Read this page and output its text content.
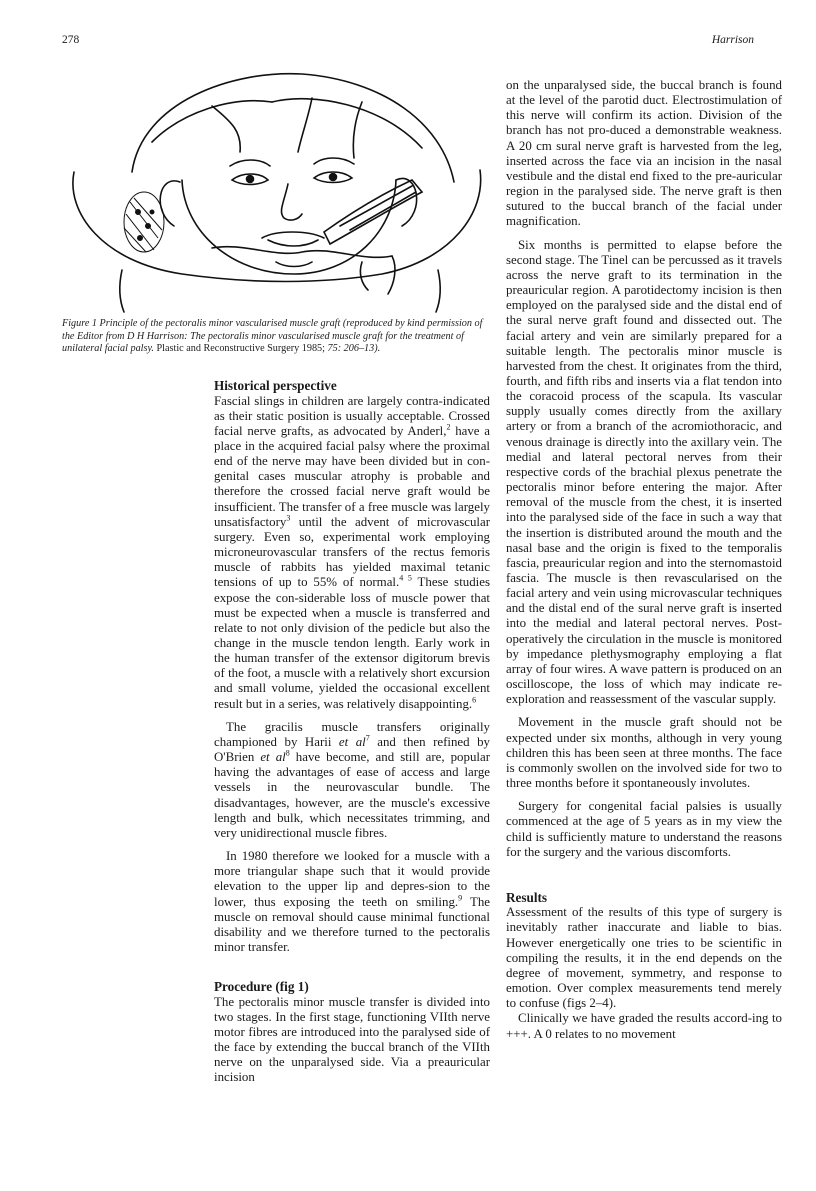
278	Harrison
Figure 1 Principle of the pectoralis minor vascularised muscle graft (reproduced by kind permission of the Editor from D H Harrison: The pectoralis minor vascularised muscle graft for the treatment of unilateral facial palsy. Plastic and Reconstructive Surgery 1985; 75: 206–13).
Historical perspective

Fascial slings in children are largely contra-indicated as their static position is usually acceptable. Crossed facial nerve grafts, as advocated by Anderl,$^2$ have a place in the acquired facial palsy where the proximal end of the nerve may have been divided but in con-genital cases muscular atrophy is probable and therefore the crossed facial nerve graft would be insufficient. The transfer of a free muscle was largely unsatisfactory$^3$ until the advent of microvascular surgery. Even so, experimental work employing microneurovascular transfers of the rectus femoris muscle of rabbits has yielded maximal tetanic tensions of up to 55% of normal.$^{4 5}$ These studies expose the con-siderable loss of muscle power that must be expected when a muscle is transferred and relate to not only division of the pedicle but also the change in the muscle tendon length. Early work in the human transfer of the extensor digitorum brevis of the foot, a muscle with a relatively short excursion and small volume, yielded the occasional excellent result but in a series, was relatively disappointing.$^6$

The gracilis muscle transfers originally championed by Harii et $al^7$ and then refined by O'Brien et $al^8$ have become, and still are, popular having the advantages of ease of access and large vessels in the neurovascular bundle. The disadvantages, however, are the muscle's excessive length and bulk, which necessitates trimming, and very unidirectional muscle fibres.

In 1980 therefore we looked for a muscle with a more triangular shape such that it would provide elevation to the upper lip and depres-sion to the lower, thus exposing the teeth on smiling.$^9$ The muscle on removal should cause minimal functional disability and we therefore turned to the pectoralis minor transfer.

Procedure (fig 1)

The pectoralis minor muscle transfer is divided into two stages. In the first stage, functioning VIIth nerve motor fibres are introduced into the paralysed side of the face by extending the buccal branch of the VIIth nerve on the unparalysed side. Via a preauricular incision

on the unparalysed side, the buccal branch is found at the level of the parotid duct. Electrostimulation of this nerve will confirm its action. Division of the branch has not pro-duced a demonstrable weakness. A 20 cm sural nerve graft is harvested from the leg, inserted across the face via an incision in the nasal vestibule and the distal end fixed to the pre-auricular region in the paralysed side. The nerve graft is then sutured to the buccal branch of the facial under magnification.

Six months is permitted to elapse before the second stage. The Tinel can be percussed as it travels across the nerve graft to its termination in the preauricular region. A parotidectomy incision is then employed on the paralysed side and the distal end of the sural nerve graft found and dissected out. The facial artery and vein are similarly prepared for a suitable length. The pectoralis minor muscle is harvested from the chest. It originates from the third, fourth, and fifth ribs and inserts via a flat tendon into the coracoid process of the scapula. Its vascular supply usually comes directly from the axillary artery or from a branch of the acromiothoracic, and venous drainage is directly into the axillary vein. The medial and lateral pectoral nerves from their respective cords of the brachial plexus penetrate the pectoralis minor before entering the major. After removal of the muscle from the chest, it is inserted into the paralysed side of the face in such a way that the insertion is distributed around the mouth and the nasal base and the origin is fixed to the temporalis fascia, preauricular region and into the sternomastoid fascia. The muscle is then revascularised on the facial artery and vein using microvascular techniques and the distal end of the sural nerve graft is inserted into the medial and lateral pectoral nerves. Post-operatively the circulation in the muscle is monitored by impedance plethysmography employing a flat array of four wires. A wave pattern is produced on an oscilloscope, the loss of which may indicate re-exploration and reassessment of the vascular supply.

Movement in the muscle graft should not be expected under six months, although in very young children this has been seen at three months. The face is commonly swollen on the involved side for two to three months before it spontaneously involutes.

Surgery for congenital facial palsies is usually commenced at the age of 5 years as in my view the child is sufficiently mature to understand the reasons for the surgery and the various discomforts.

Results

Assessment of the results of this type of surgery is inevitably rather inaccurate and liable to bias. However energetically one tries to be scientific in compiling the results, it in the end depends on the degree of movement, symmetry, and response to emotion. Over complex measurements tend merely to confuse (figs 2–4).

Clinically we have graded the results accord-ing to +++. A 0 relates to no movement
